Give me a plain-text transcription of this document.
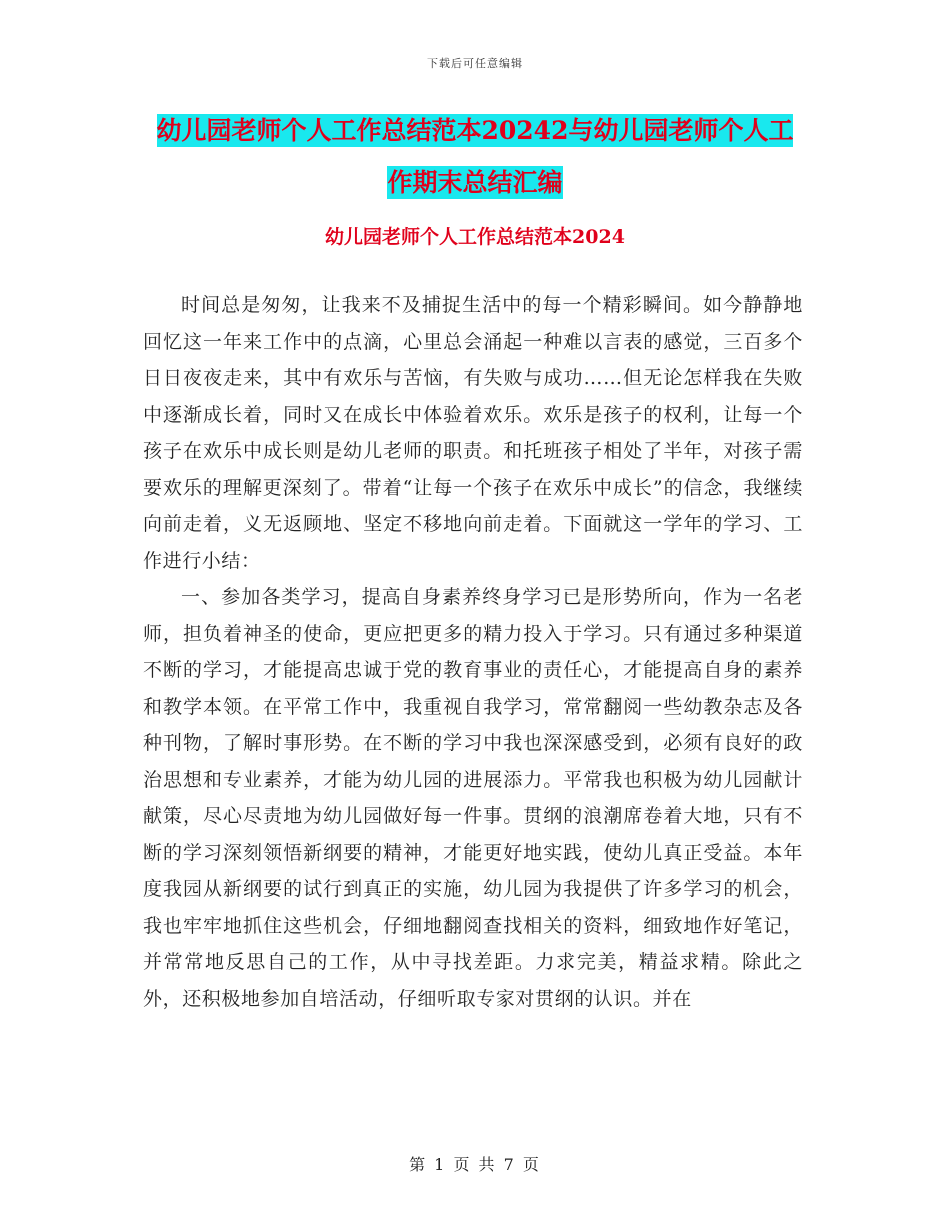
下载后可任意编辑
幼儿园老师个人工作总结范本20242与幼儿园老师个人工作期末总结汇编
幼儿园老师个人工作总结范本2024

时间总是匆匆，让我来不及捕捉生活中的每一个精彩瞬间。如今静静地回忆这一年来工作中的点滴，心里总会涌起一种难以言表的感觉，三百多个日日夜夜走来，其中有欢乐与苦恼，有失败与成功……但无论怎样我在失败中逐渐成长着，同时又在成长中体验着欢乐。欢乐是孩子的权利，让每一个孩子在欢乐中成长则是幼儿老师的职责。和托班孩子相处了半年，对孩子需要欢乐的理解更深刻了。带着“让每一个孩子在欢乐中成长”的信念，我继续向前走着，义无返顾地、坚定不移地向前走着。下面就这一学年的学习、工作进行小结：

一、参加各类学习，提高自身素养终身学习已是形势所向，作为一名老师，担负着神圣的使命，更应把更多的精力投入于学习。只有通过多种渠道不断的学习，才能提高忠诚于党的教育事业的责任心，才能提高自身的素养和教学本领。在平常工作中，我重视自我学习，常常翻阅一些幼教杂志及各种刊物，了解时事形势。在不断的学习中我也深深感受到，必须有良好的政治思想和专业素养，才能为幼儿园的进展添力。平常我也积极为幼儿园献计献策，尽心尽责地为幼儿园做好每一件事。贯纲的浪潮席卷着大地，只有不断的学习深刻领悟新纲要的精神，才能更好地实践，使幼儿真正受益。本年度我园从新纲要的试行到真正的实施，幼儿园为我提供了许多学习的机会，我也牢牢地抓住这些机会，仔细地翻阅查找相关的资料，细致地作好笔记，并常常地反思自己的工作，从中寻找差距。力求完美，精益求精。除此之外，还积极地参加自培活动，仔细听取专家对贯纲的认识。并在

第 1 页 共 7 页
